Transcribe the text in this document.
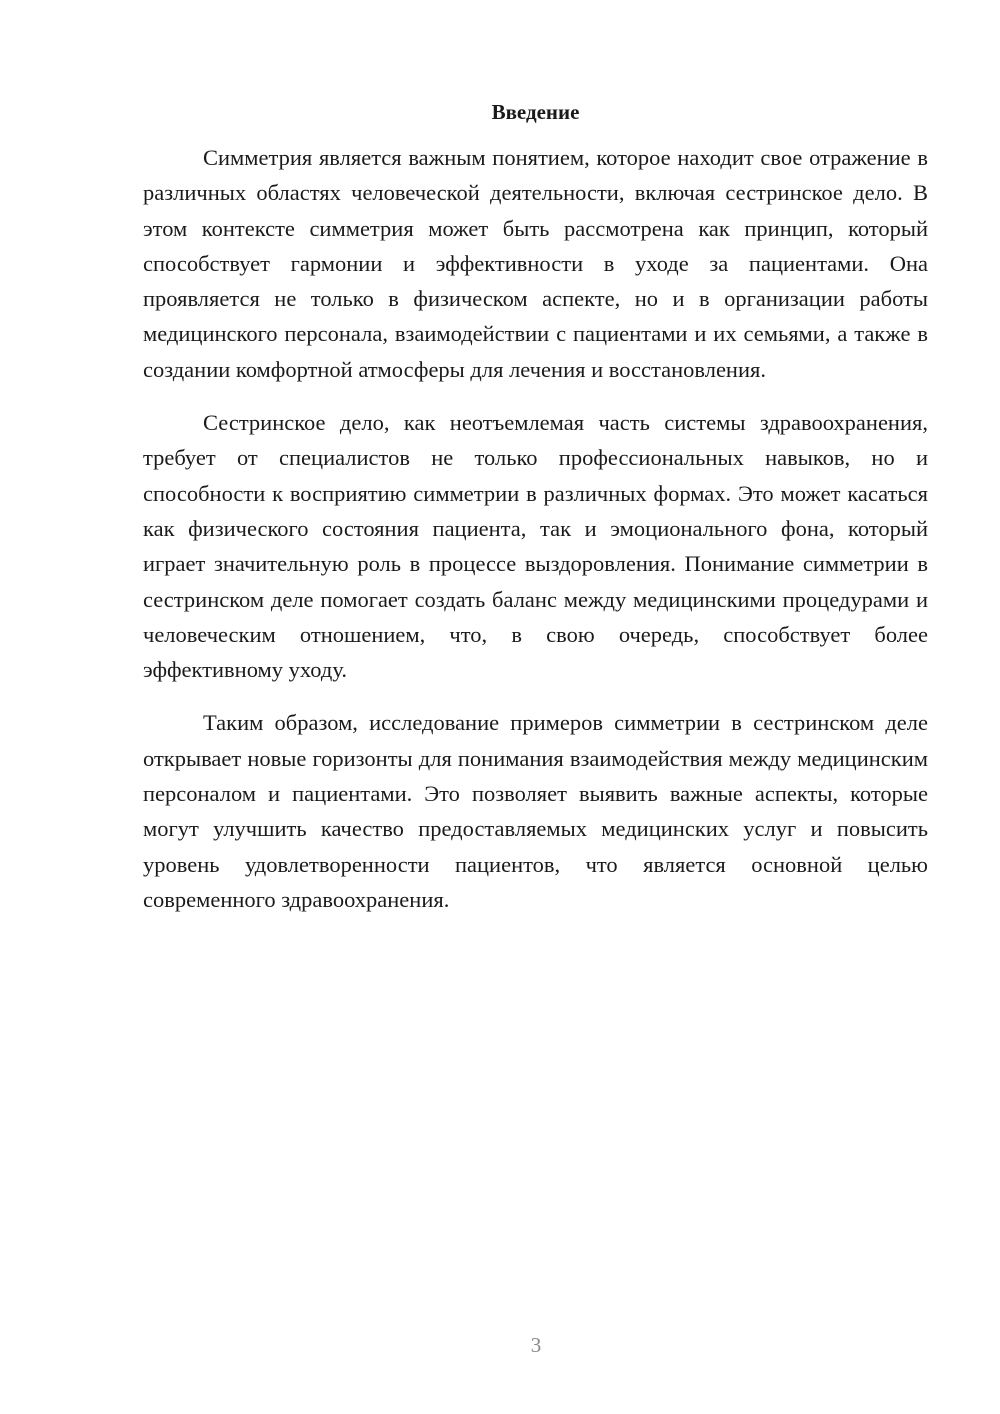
Введение

Симметрия является важным понятием, которое находит свое отражение в различных областях человеческой деятельности, включая сестринское дело. В этом контексте симметрия может быть рассмотрена как принцип, который способствует гармонии и эффективности в уходе за пациентами. Она проявляется не только в физическом аспекте, но и в организации работы медицинского персонала, взаимодействии с пациентами и их семьями, а также в создании комфортной атмосферы для лечения и восстановления.

Сестринское дело, как неотъемлемая часть системы здравоохранения, требует от специалистов не только профессиональных навыков, но и способности к восприятию симметрии в различных формах. Это может касаться как физического состояния пациента, так и эмоционального фона, который играет значительную роль в процессе выздоровления. Понимание симметрии в сестринском деле помогает создать баланс между медицинскими процедурами и человеческим отношением, что, в свою очередь, способствует более эффективному уходу.

Таким образом, исследование примеров симметрии в сестринском деле открывает новые горизонты для понимания взаимодействия между медицинским персоналом и пациентами. Это позволяет выявить важные аспекты, которые могут улучшить качество предоставляемых медицинских услуг и повысить уровень удовлетворенности пациентов, что является основной целью современного здравоохранения.

3
